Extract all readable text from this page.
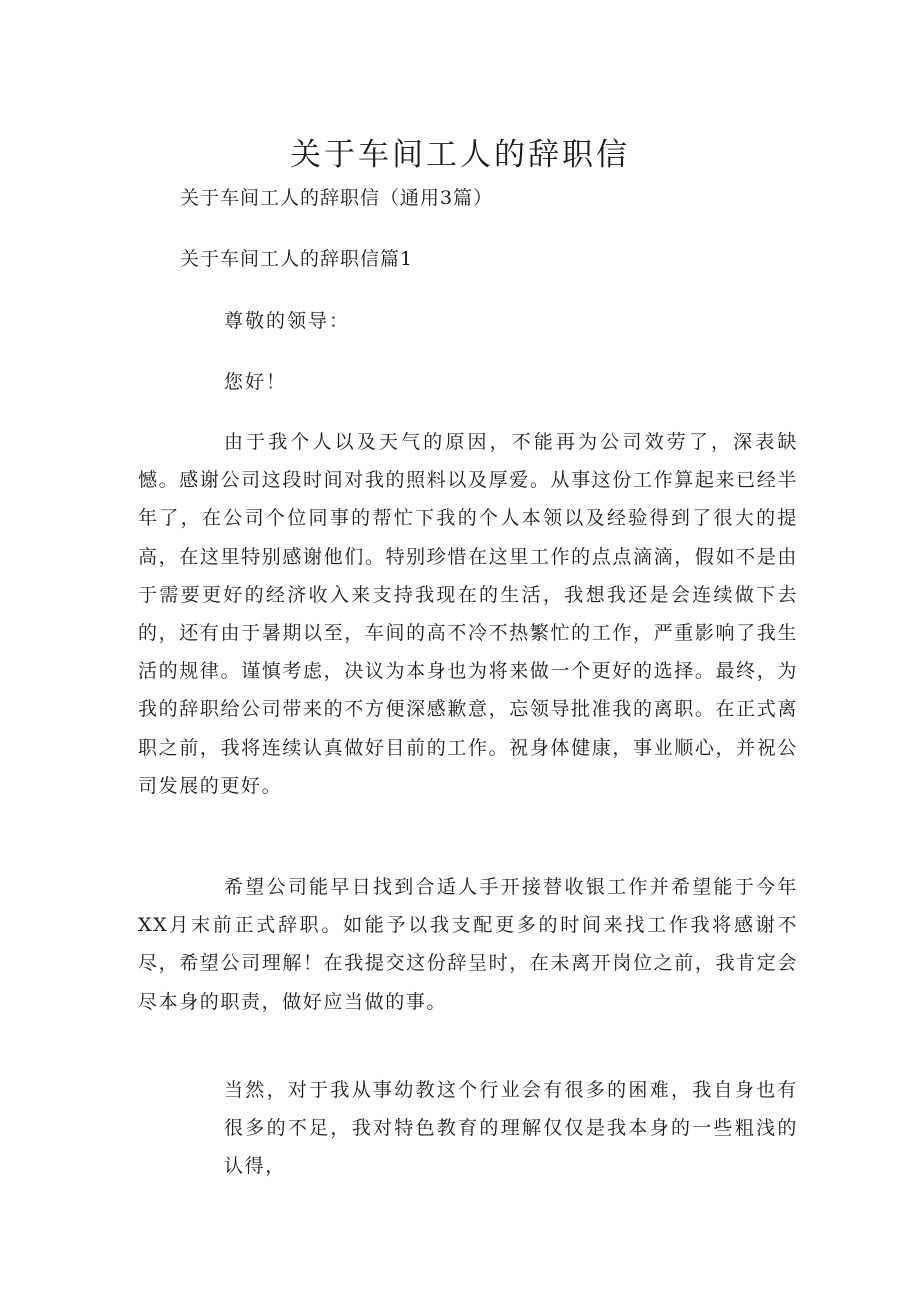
关于车间工人的辞职信

关于车间工人的辞职信（通用3篇）

关于车间工人的辞职信篇1

尊敬的领导：

您好！

由于我个人以及天气的原因，不能再为公司效劳了，深表缺憾。感谢公司这段时间对我的照料以及厚爱。从事这份工作算起来已经半年了，在公司个位同事的帮忙下我的个人本领以及经验得到了很大的提高，在这里特别感谢他们。特别珍惜在这里工作的点点滴滴，假如不是由于需要更好的经济收入来支持我现在的生活，我想我还是会连续做下去的，还有由于暑期以至，车间的高不冷不热繁忙的工作，严重影响了我生活的规律。谨慎考虑，决议为本身也为将来做一个更好的选择。最终，为我的辞职给公司带来的不方便深感歉意，忘领导批准我的离职。在正式离职之前，我将连续认真做好目前的工作。祝身体健康，事业顺心，并祝公司发展的更好。

希望公司能早日找到合适人手开接替收银工作并希望能于今年XX月末前正式辞职。如能予以我支配更多的时间来找工作我将感谢不尽，希望公司理解！在我提交这份辞呈时，在未离开岗位之前，我肯定会尽本身的职责，做好应当做的事。

当然，对于我从事幼教这个行业会有很多的困难，我自身也有很多的不足，我对特色教育的理解仅仅是我本身的一些粗浅的认得，
